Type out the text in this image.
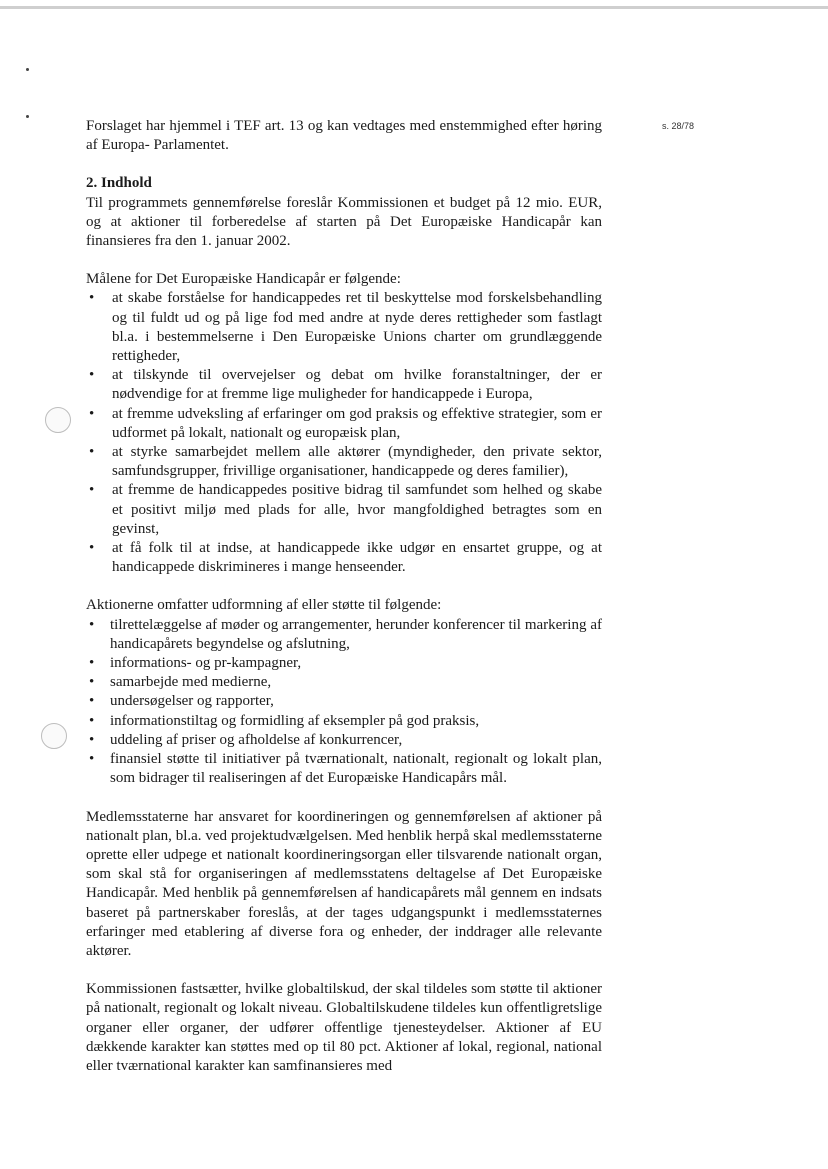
s. 28/78

Forslaget har hjemmel i TEF art. 13 og kan vedtages med enstemmighed efter høring af Europa- Parlamentet.

2. Indhold

Til programmets gennemførelse foreslår Kommissionen et budget på 12 mio. EUR, og at aktioner til forberedelse af starten på Det Europæiske Handicapår kan finansieres fra den 1. januar 2002.

Målene for Det Europæiske Handicapår er følgende:

• at skabe forståelse for handicappedes ret til beskyttelse mod forskelsbehandling og til fuldt ud og på lige fod med andre at nyde deres rettigheder som fastlagt bl.a. i bestemmelserne i Den Europæiske Unions charter om grundlæggende rettigheder,
• at tilskynde til overvejelser og debat om hvilke foranstaltninger, der er nødvendige for at fremme lige muligheder for handicappede i Europa,
• at fremme udveksling af erfaringer om god praksis og effektive strategier, som er udformet på lokalt, nationalt og europæisk plan,
• at styrke samarbejdet mellem alle aktører (myndigheder, den private sektor, samfundsgrupper, frivillige organisationer, handicappede og deres familier),
• at fremme de handicappedes positive bidrag til samfundet som helhed og skabe et positivt miljø med plads for alle, hvor mangfoldighed betragtes som en gevinst,
• at få folk til at indse, at handicappede ikke udgør en ensartet gruppe, og at handicappede diskrimineres i mange henseender.

Aktionerne omfatter udformning af eller støtte til følgende:

• tilrettelæggelse af møder og arrangementer, herunder konferencer til markering af handicapårets begyndelse og afslutning,
• informations- og pr-kampagner,
• samarbejde med medierne,
• undersøgelser og rapporter,
• informationstiltag og formidling af eksempler på god praksis,
• uddeling af priser og afholdelse af konkurrencer,
• finansiel støtte til initiativer på tværnationalt, nationalt, regionalt og lokalt plan, som bidrager til realiseringen af det Europæiske Handicapårs mål.

Medlemsstaterne har ansvaret for koordineringen og gennemførelsen af aktioner på nationalt plan, bl.a. ved projektudvælgelsen. Med henblik herpå skal medlemsstaterne oprette eller udpege et nationalt koordineringsorgan eller tilsvarende nationalt organ, som skal stå for organiseringen af medlemsstatens deltagelse af Det Europæiske Handicapår. Med henblik på gennemførelsen af handicapårets mål gennem en indsats baseret på partnerskaber foreslås, at der tages udgangspunkt i medlemsstaternes erfaringer med etablering af diverse fora og enheder, der inddrager alle relevante aktører.

Kommissionen fastsætter, hvilke globaltilskud, der skal tildeles som støtte til aktioner på nationalt, regionalt og lokalt niveau. Globaltilskudene tildeles kun offentligretslige organer eller organer, der udfører offentlige tjenesteydelser. Aktioner af EU dækkende karakter kan støttes med op til 80 pct. Aktioner af lokal, regional, national eller tværnational karakter kan samfinansieres med
